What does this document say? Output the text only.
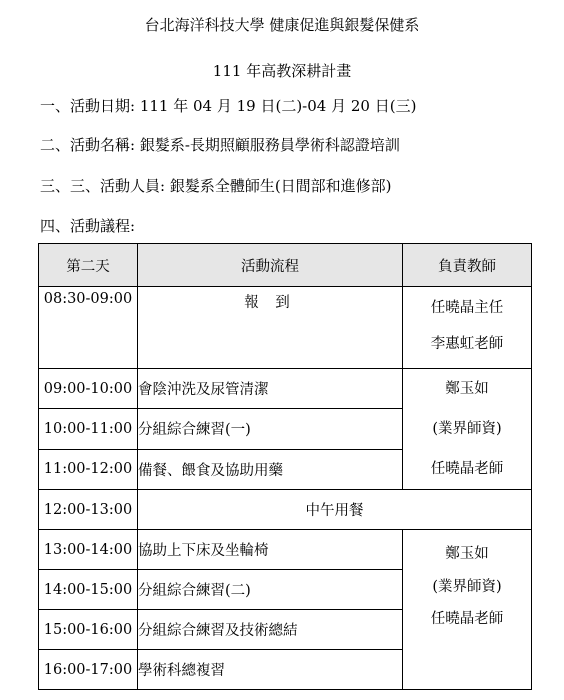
台北海洋科技大學 健康促進與銀髮保健系
111 年高教深耕計畫
一、活動日期: 111 年 04 月 19 日(二)-04 月 20 日(三)
二、活動名稱: 銀髮系-長期照顧服務員學術科認證培訓
三、三、活動人員: 銀髮系全體師生(日間部和進修部)
四、活動議程:
第二天	活動流程	負責教師
08:30-09:00	報 到	任曉晶主任
李惠虹老師

09:00-10:00	會陰沖洗及尿管清潔	鄭玉如
(業界師資)
任曉晶老師

10:00-11:00	分組綜合練習(一)	
11:00-12:00	備餐、餵食及協助用藥	
12:00-13:00	中午用餐	
13:00-14:00	協助上下床及坐輪椅	鄭玉如
(業界師資)
任曉晶老師

14:00-15:00	分組綜合練習(二)	
15:00-16:00	分組綜合練習及技術總結	
16:00-17:00	學術科總複習	
